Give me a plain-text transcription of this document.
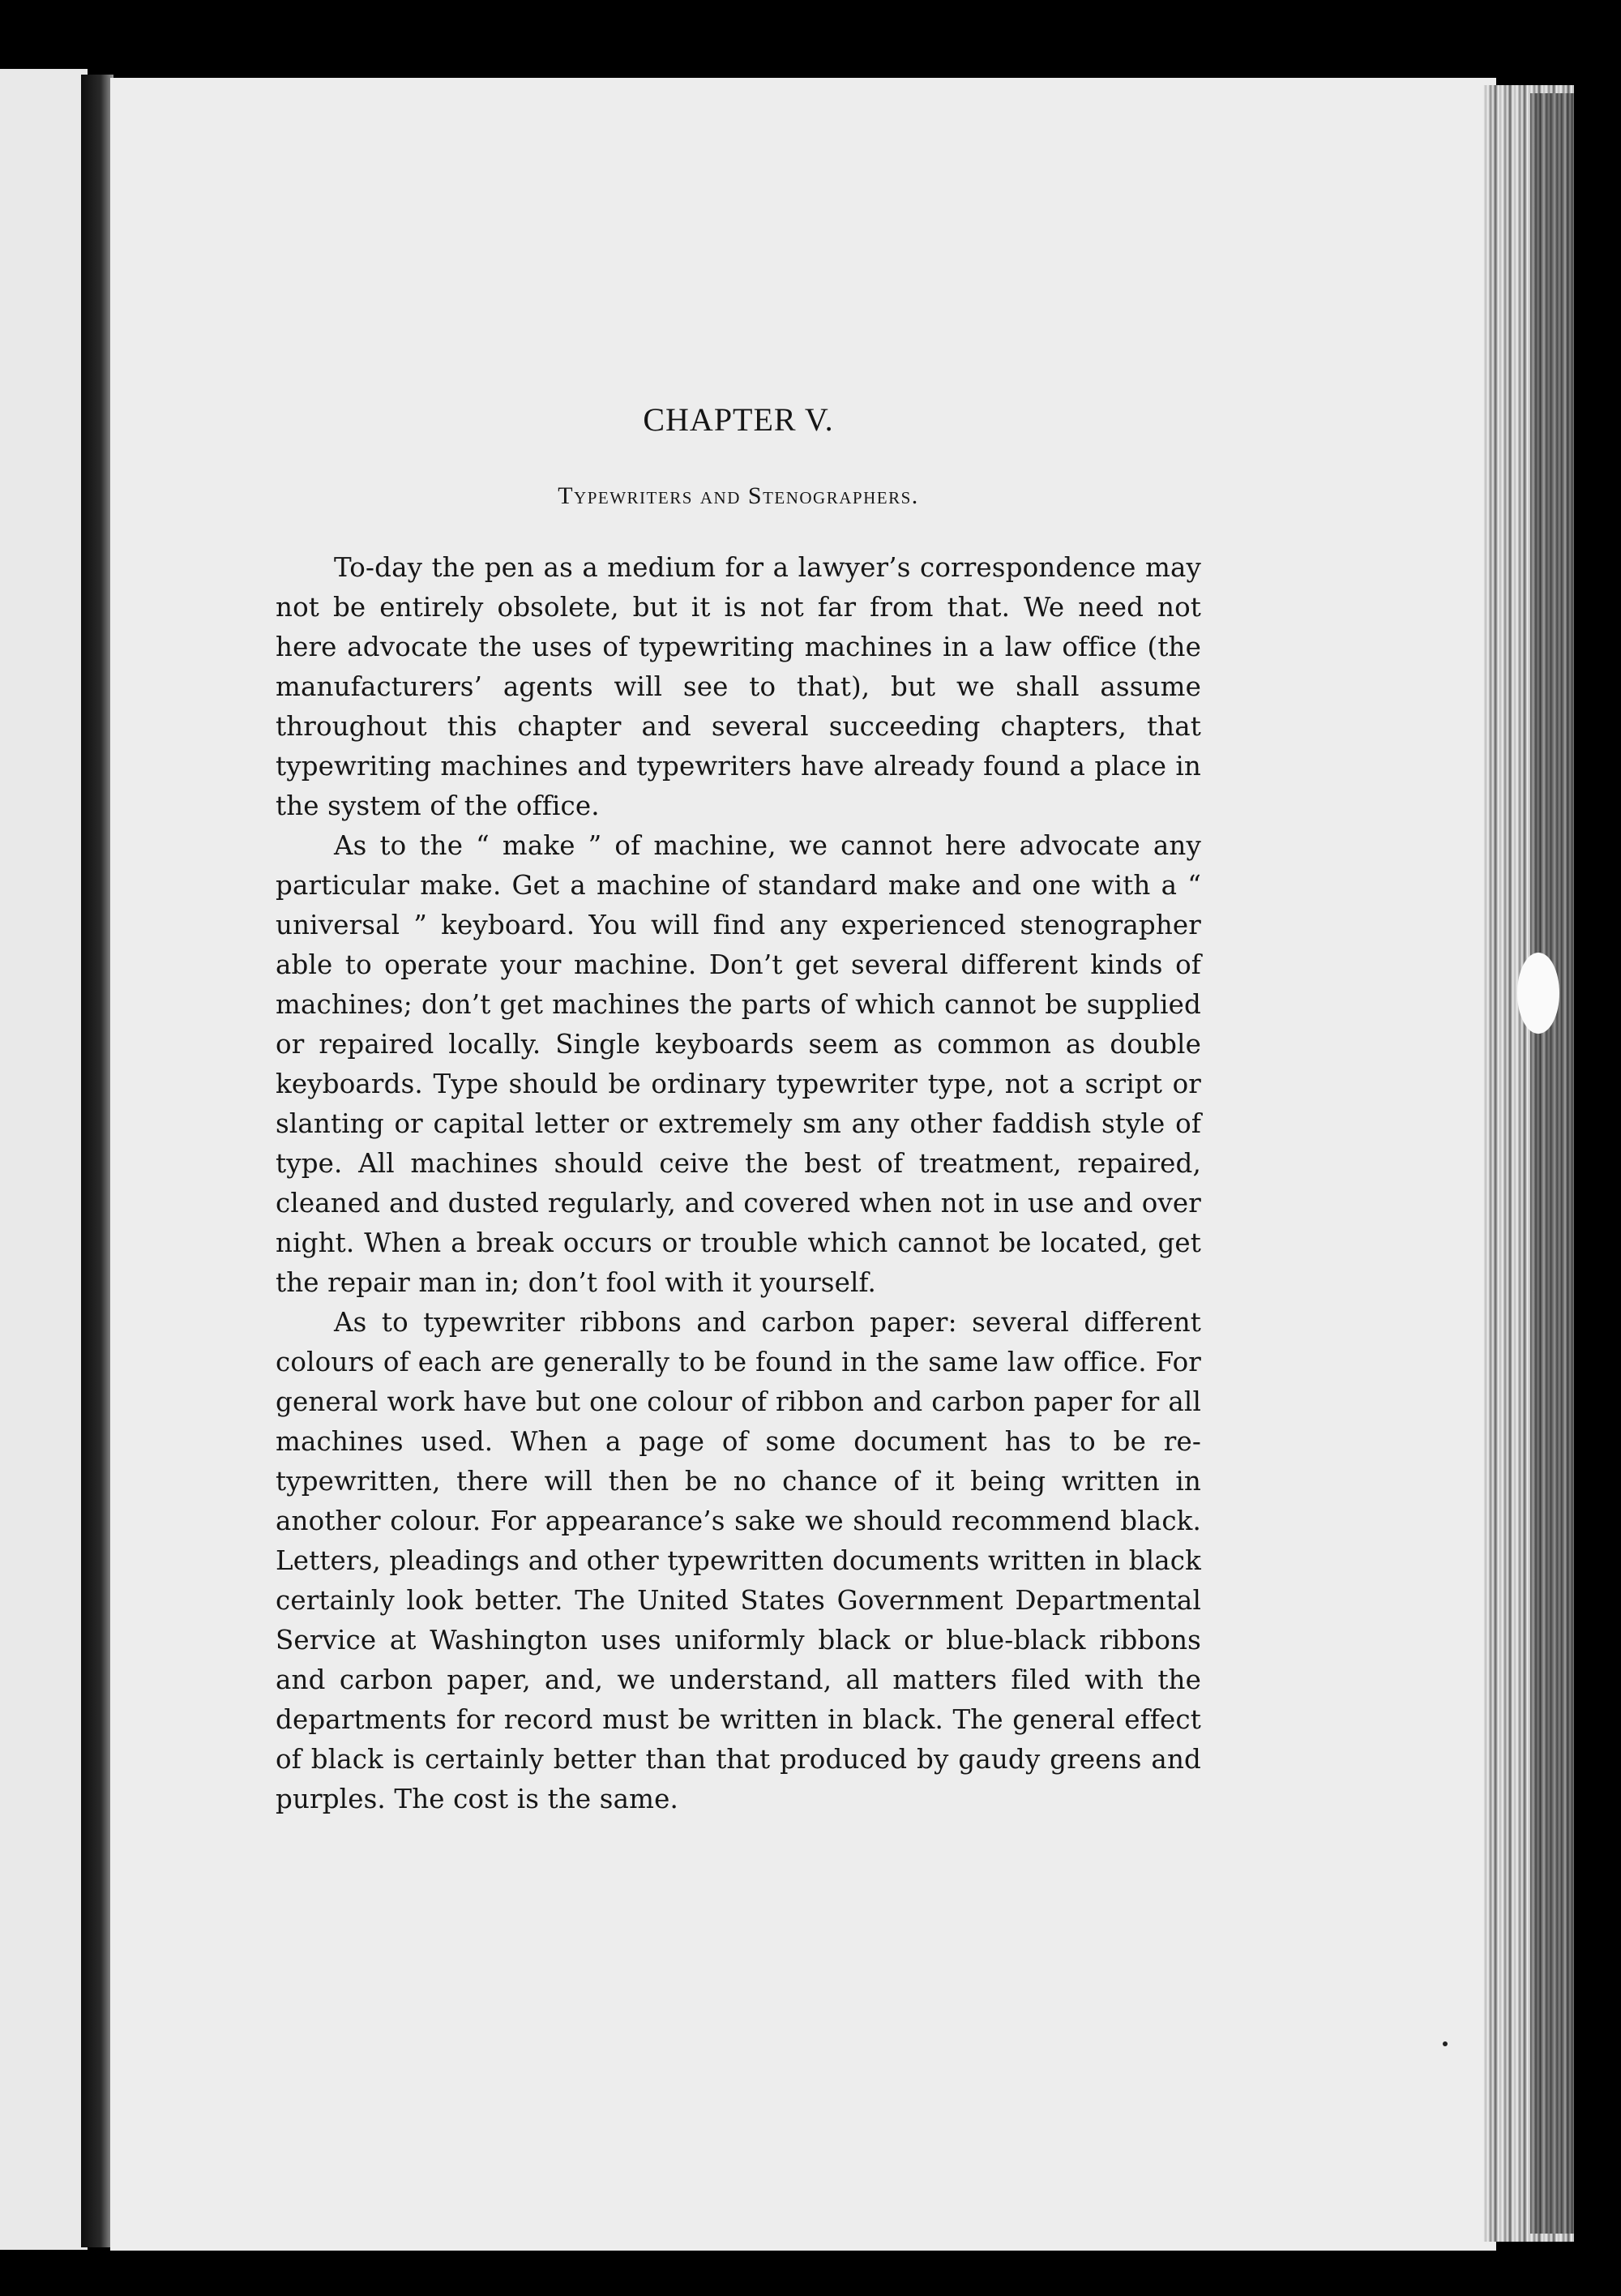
CHAPTER V.
Typewriters and Stenographers.

To-day the pen as a medium for a lawyer’s correspondence may not be entirely obsolete, but it is not far from that. We need not here advocate the uses of typewriting machines in a law office (the manufacturers’ agents will see to that), but we shall assume throughout this chapter and several succeeding chapters, that typewriting machines and typewriters have already found a place in the system of the office.

As to the “ make ” of machine, we cannot here advocate any particular make. Get a machine of standard make and one with a “ universal ” keyboard. You will find any experienced stenographer able to operate your machine. Don’t get several different kinds of machines; don’t get machines the parts of which cannot be supplied or repaired locally. Single keyboards seem as common as double keyboards. Type should be ordinary typewriter type, not a script or slanting or capital letter or extremely sm any other faddish style of type. All machines should ceive the best of treatment, repaired, cleaned and dusted regularly, and covered when not in use and over night. When a break occurs or trouble which cannot be located, get the repair man in; don’t fool with it yourself.

As to typewriter ribbons and carbon paper: several different colours of each are generally to be found in the same law office. For general work have but one colour of ribbon and carbon paper for all machines used. When a page of some document has to be re-typewritten, there will then be no chance of it being written in another colour. For appearance’s sake we should recommend black. Letters, pleadings and other typewritten documents written in black certainly look better. The United States Government Departmental Service at Washington uses uniformly black or blue-black ribbons and carbon paper, and, we understand, all matters filed with the departments for record must be written in black. The general effect of black is certainly better than that produced by gaudy greens and purples. The cost is the same.
